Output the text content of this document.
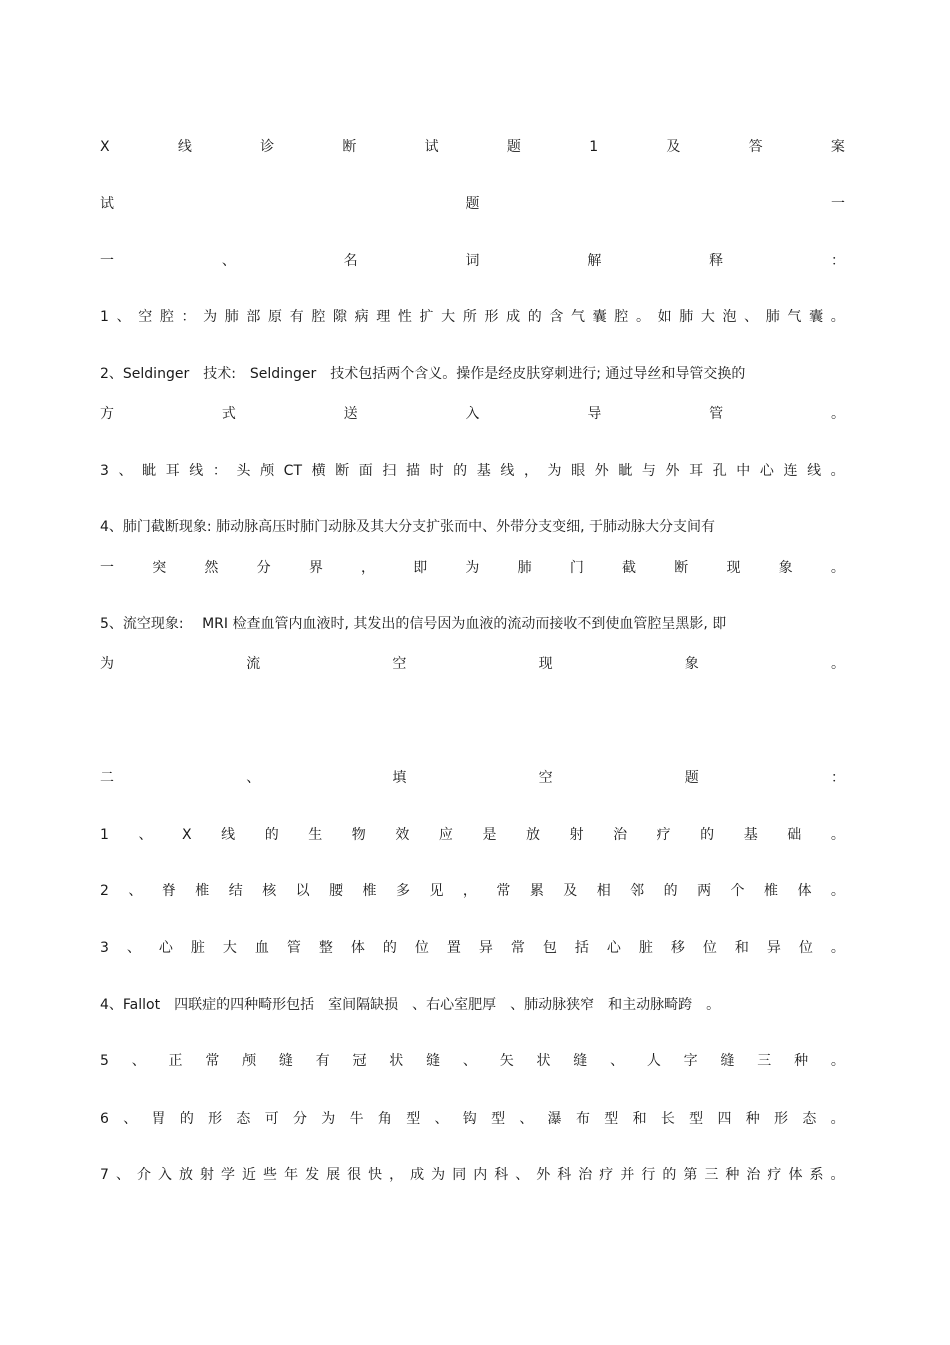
X	线	诊	断	试	题	1	及	答	案
试	题	一
一	、	名	词	解	释	：
1 、 空 腔 ： 为 肺 部 原 有 腔 隙 病 理 性 扩 大 所 形 成 的 含 气 囊 腔 。 如 肺 大 泡 、 肺 气 囊 。
2、Seldinger　技术:　Seldinger　技术包括两个含义。操作是经皮肤穿刺进行; 通过导丝和导管交换的
方	式	送	入	导	管	。
3 、 眦 耳 线 ： 头 颅 CT 横 断 面 扫 描 时 的 基 线 ， 为 眼 外 眦 与 外 耳 孔 中 心 连 线 。
4、肺门截断现象: 肺动脉高压时肺门动脉及其大分支扩张而中、外带分支变细, 于肺动脉大分支间有
一	突	然	分	界	，	即	为	肺	门	截	断	现	象	。
5、流空现象:　 MRI 检查血管内血液时, 其发出的信号因为血液的流动而接收不到使血管腔呈黑影, 即
为	流	空	现	象	。
二	、	填	空	题	：
1 、 X 线 的 生 物 效 应 是 放 射 治 疗 的 基 础 。
2 、 脊 椎 结 核 以 腰 椎 多 见 ， 常 累 及 相 邻 的 两 个 椎 体 。
3 、 心 脏 大 血 管 整 体 的 位 置 异 常 包 括 心 脏 移 位 和 异 位 。
4、Fallot　四联症的四种畸形包括　室间隔缺损　、右心室肥厚　、肺动脉狭窄　和主动脉畸跨　。
5 、 正 常 颅 缝 有 冠 状 缝 、 矢 状 缝 、 人 字 缝 三 种 。
6 、 胃 的 形 态 可 分 为 牛 角 型 、 钩 型 、 瀑 布 型 和 长 型 四 种 形 态 。
7 、 介 入 放 射 学 近 些 年 发 展 很 快 ， 成 为 同 内 科 、 外 科 治 疗 并 行 的 第 三 种 治 疗 体 系 。
